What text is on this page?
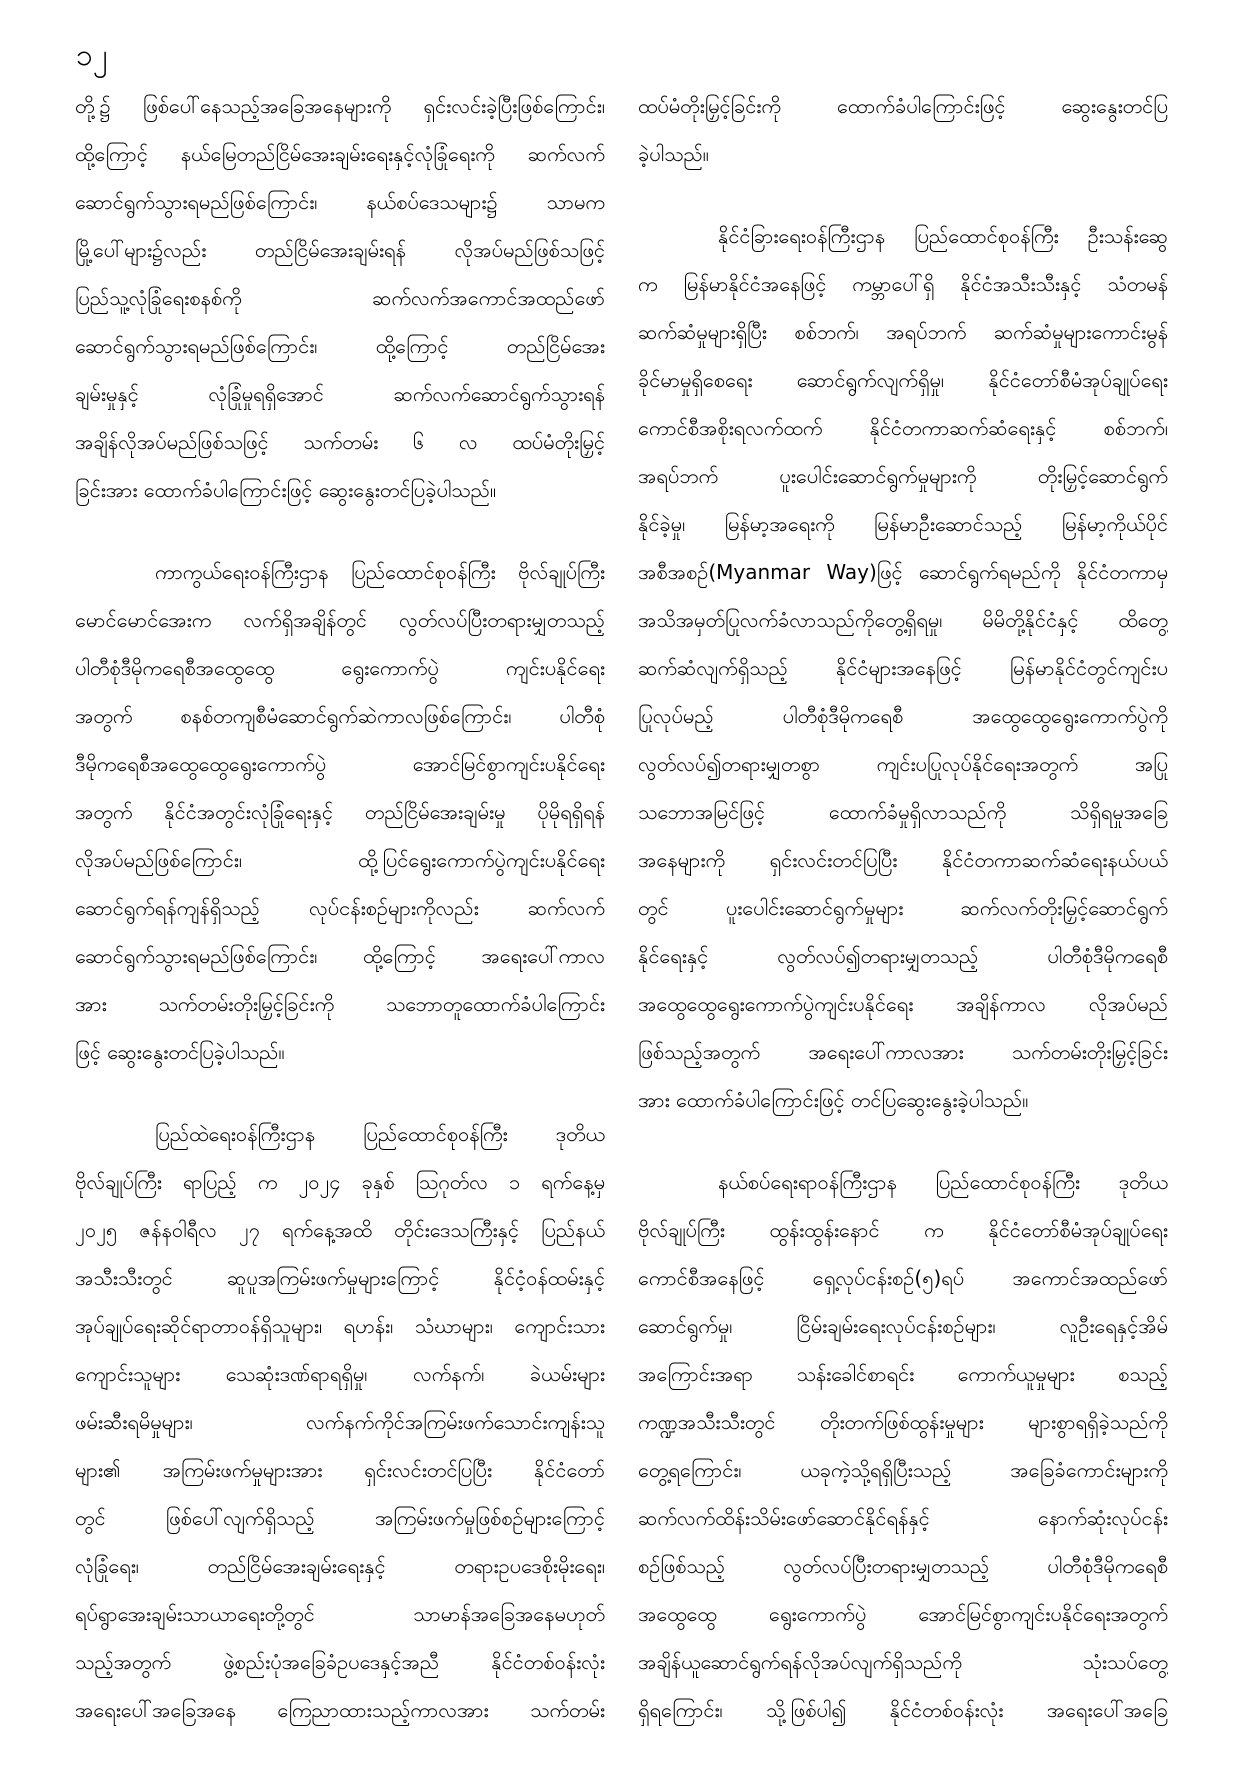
၁၂
တို့၌ ဖြစ်ပေါ်နေသည့်အခြေအနေများကို ရှင်းလင်းခဲ့ပြီးဖြစ်ကြောင်း၊
ထို့ကြောင့် နယ်မြေတည်ငြိမ်အေးချမ်းရေးနှင့်လုံခြုံရေးကို ဆက်လက်
ဆောင်ရွက်သွားရမည်ဖြစ်ကြောင်း၊ နယ်စပ်ဒေသများ၌ သာမက
မြို့ပေါ်များ၌လည်း တည်ငြိမ်အေးချမ်းရန် လိုအပ်မည်ဖြစ်သဖြင့်
ပြည်သူ့လုံခြုံရေးစနစ်ကို ဆက်လက်အကောင်အထည်ဖော်
ဆောင်ရွက်သွားရမည်ဖြစ်ကြောင်း၊ ထို့ကြောင့် တည်ငြိမ်အေး
ချမ်းမှုနှင့် လုံခြုံမှုရရှိအောင် ဆက်လက်ဆောင်ရွက်သွားရန်
အချိန်လိုအပ်မည်ဖြစ်သဖြင့် သက်တမ်း ၆ လ ထပ်မံတိုးမြှင့်
ခြင်းအား ထောက်ခံပါကြောင်းဖြင့် ဆွေးနွေးတင်ပြခဲ့ပါသည်။
ကာကွယ်ရေးဝန်ကြီးဌာန ပြည်ထောင်စုဝန်ကြီး ဗိုလ်ချုပ်ကြီး
မောင်မောင်အေးက လက်ရှိအချိန်တွင် လွတ်လပ်ပြီးတရားမျှတသည့်
ပါတီစုံဒီမိုကရေစီအထွေထွေ ရွေးကောက်ပွဲ ကျင်းပနိုင်ရေး
အတွက် စနစ်တကျစီမံဆောင်ရွက်ဆဲကာလဖြစ်ကြောင်း၊ ပါတီစုံ
ဒီမိုကရေစီအထွေထွေရွေးကောက်ပွဲ အောင်မြင်စွာကျင်းပနိုင်ရေး
အတွက် နိုင်ငံအတွင်းလုံခြုံရေးနှင့် တည်ငြိမ်အေးချမ်းမှု ပိုမိုရရှိရန်
လိုအပ်မည်ဖြစ်ကြောင်း၊ ထို့ပြင်ရွေးကောက်ပွဲကျင်းပနိုင်ရေး
ဆောင်ရွက်ရန်ကျန်ရှိသည့် လုပ်ငန်းစဉ်များကိုလည်း ဆက်လက်
ဆောင်ရွက်သွားရမည်ဖြစ်ကြောင်း၊ ထို့ကြောင့် အရေးပေါ်ကာလ
အား သက်တမ်းတိုးမြှင့်ခြင်းကို သဘောတူထောက်ခံပါကြောင်း
ဖြင့် ဆွေးနွေးတင်ပြခဲ့ပါသည်။
ပြည်ထဲရေးဝန်ကြီးဌာန ပြည်ထောင်စုဝန်ကြီး ဒုတိယ
ဗိုလ်ချုပ်ကြီး ရာပြည့် က ၂၀၂၄ ခုနှစ် ဩဂုတ်လ ၁ ရက်နေ့မှ
၂၀၂၅ ဇန်နဝါရီလ ၂၇ ရက်နေ့အထိ တိုင်းဒေသကြီးနှင့် ပြည်နယ်
အသီးသီးတွင် ဆူပူအကြမ်းဖက်မှုများကြောင့် နိုင်ငံ့ဝန်ထမ်းနှင့်
အုပ်ချုပ်ရေးဆိုင်ရာတာဝန်ရှိသူများ၊ ရဟန်း၊ သံဃာများ၊ ကျောင်းသား
ကျောင်းသူများ သေဆုံးဒဏ်ရာရရှိမှု၊ လက်နက်၊ ခဲယမ်းများ
ဖမ်းဆီးရမိမှုများ၊ လက်နက်ကိုင်အကြမ်းဖက်သောင်းကျန်းသူ
များ၏ အကြမ်းဖက်မှုများအား ရှင်းလင်းတင်ပြပြီး နိုင်ငံတော်
တွင် ဖြစ်ပေါ်လျက်ရှိသည့် အကြမ်းဖက်မှုဖြစ်စဉ်များကြောင့်
လုံခြုံရေး၊ တည်ငြိမ်အေးချမ်းရေးနှင့် တရားဥပဒေစိုးမိုးရေး၊
ရပ်ရွာအေးချမ်းသာယာရေးတို့တွင် သာမာန်အခြေအနေမဟုတ်
သည့်အတွက် ဖွဲ့စည်းပုံအခြေခံဥပဒေနှင့်အညီ နိုင်ငံတစ်ဝန်းလုံး
အရေးပေါ်အခြေအနေ ကြေညာထားသည့်ကာလအား သက်တမ်း
ထပ်မံတိုးမြှင့်ခြင်းကို ထောက်ခံပါကြောင်းဖြင့် ဆွေးနွေးတင်ပြ
ခဲ့ပါသည်။
နိုင်ငံခြားရေးဝန်ကြီးဌာန ပြည်ထောင်စုဝန်ကြီး ဦးသန်းဆွေ
က မြန်မာနိုင်ငံအနေဖြင့် ကမ္ဘာပေါ်ရှိ နိုင်ငံအသီးသီးနှင့် သံတမန်
ဆက်ဆံမှုများရှိပြီး စစ်ဘက်၊ အရပ်ဘက် ဆက်ဆံမှုများကောင်းမွန်
ခိုင်မာမှုရှိစေရေး ဆောင်ရွက်လျက်ရှိမှု၊ နိုင်ငံတော်စီမံအုပ်ချုပ်ရေး
ကောင်စီအစိုးရလက်ထက် နိုင်ငံတကာဆက်ဆံရေးနှင့် စစ်ဘက်၊
အရပ်ဘက် ပူးပေါင်းဆောင်ရွက်မှုများကို တိုးမြှင့်ဆောင်ရွက်
နိုင်ခဲ့မှု၊ မြန်မာ့အရေးကို မြန်မာဦးဆောင်သည့် မြန်မာ့ကိုယ်ပိုင်
အစီအစဉ်(Myanmar Way)ဖြင့် ဆောင်ရွက်ရမည်ကို နိုင်ငံတကာမှ
အသိအမှတ်ပြုလက်ခံလာသည်ကိုတွေ့ရှိရမှု၊ မိမိတို့နိုင်ငံနှင့် ထိတွေ့
ဆက်ဆံလျက်ရှိသည့် နိုင်ငံများအနေဖြင့် မြန်မာနိုင်ငံတွင်ကျင်းပ
ပြုလုပ်မည့် ပါတီစုံဒီမိုကရေစီ အထွေထွေရွေးကောက်ပွဲကို
လွတ်လပ်၍တရားမျှတစွာ ကျင်းပပြုလုပ်နိုင်ရေးအတွက် အပြု
သဘောအမြင်ဖြင့် ထောက်ခံမှုရှိလာသည်ကို သိရှိရမှုအခြေ
အနေများကို ရှင်းလင်းတင်ပြပြီး နိုင်ငံတကာဆက်ဆံရေးနယ်ပယ်
တွင် ပူးပေါင်းဆောင်ရွက်မှုများ ဆက်လက်တိုးမြှင့်ဆောင်ရွက်
နိုင်ရေးနှင့် လွတ်လပ်၍တရားမျှတသည့် ပါတီစုံဒီမိုကရေစီ
အထွေထွေရွေးကောက်ပွဲကျင်းပနိုင်ရေး အချိန်ကာလ လိုအပ်မည်
ဖြစ်သည့်အတွက် အရေးပေါ်ကာလအား သက်တမ်းတိုးမြှင့်ခြင်း
အား ထောက်ခံပါကြောင်းဖြင့် တင်ပြဆွေးနွေးခဲ့ပါသည်။
နယ်စပ်ရေးရာဝန်ကြီးဌာန ပြည်ထောင်စုဝန်ကြီး ဒုတိယ
ဗိုလ်ချုပ်ကြီး ထွန်းထွန်းနောင် က နိုင်ငံတော်စီမံအုပ်ချုပ်ရေး
ကောင်စီအနေဖြင့် ရှေ့လုပ်ငန်းစဉ်(၅)ရပ် အကောင်အထည်ဖော်
ဆောင်ရွက်မှု၊ ငြိမ်းချမ်းရေးလုပ်ငန်းစဉ်များ၊ လူဦးရေနှင့်အိမ်
အကြောင်းအရာ သန်းခေါင်စာရင်း ကောက်ယူမှုများ စသည့်
ကဏ္ဍအသီးသီးတွင် တိုးတက်ဖြစ်ထွန်းမှုများ များစွာရရှိခဲ့သည်ကို
တွေ့ရကြောင်း၊ ယခုကဲ့သို့ရရှိပြီးသည့် အခြေခံကောင်းများကို
ဆက်လက်ထိန်းသိမ်းဖော်ဆောင်နိုင်ရန်နှင့် နောက်ဆုံးလုပ်ငန်း
စဉ်ဖြစ်သည့် လွတ်လပ်ပြီးတရားမျှတသည့် ပါတီစုံဒီမိုကရေစီ
အထွေထွေ ရွေးကောက်ပွဲ အောင်မြင်စွာကျင်းပနိုင်ရေးအတွက်
အချိန်ယူဆောင်ရွက်ရန်လိုအပ်လျက်ရှိသည်ကို သုံးသပ်တွေ့
ရှိရကြောင်း၊ သို့ဖြစ်ပါ၍ နိုင်ငံတစ်ဝန်းလုံး အရေးပေါ်အခြေ
